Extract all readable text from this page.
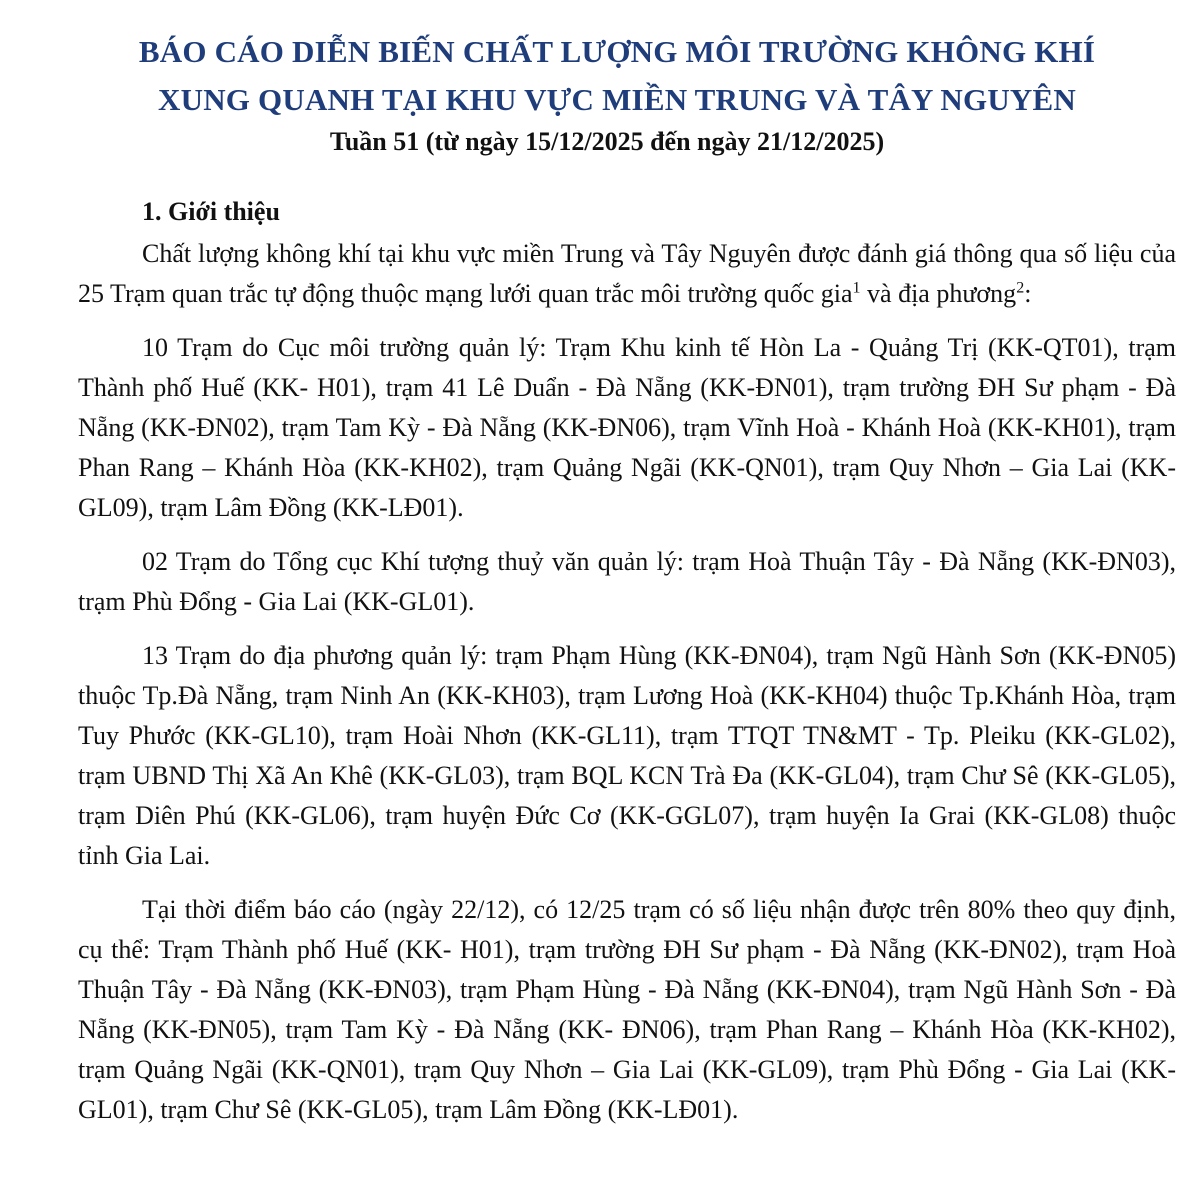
BÁO CÁO DIỄN BIẾN CHẤT LƯỢNG MÔI TRƯỜNG KHÔNG KHÍ
XUNG QUANH TẠI KHU VỰC MIỀN TRUNG VÀ TÂY NGUYÊN

Tuần 51 (từ ngày 15/12/2025 đến ngày 21/12/2025)

1. Giới thiệu

Chất lượng không khí tại khu vực miền Trung và Tây Nguyên được đánh giá thông qua số liệu của 25 Trạm quan trắc tự động thuộc mạng lưới quan trắc môi trường quốc gia$^1$ và địa phương$^2$:

10 Trạm do Cục môi trường quản lý: Trạm Khu kinh tế Hòn La - Quảng Trị (KK-QT01), trạm Thành phố Huế (KK- H01), trạm 41 Lê Duẩn - Đà Nẵng (KK-ĐN01), trạm trường ĐH Sư phạm - Đà Nẵng (KK-ĐN02), trạm Tam Kỳ - Đà Nẵng (KK-ĐN06), trạm Vĩnh Hoà - Khánh Hoà (KK-KH01), trạm Phan Rang – Khánh Hòa (KK-KH02), trạm Quảng Ngãi (KK-QN01), trạm Quy Nhơn – Gia Lai (KK-GL09), trạm Lâm Đồng (KK-LĐ01).

02 Trạm do Tổng cục Khí tượng thuỷ văn quản lý: trạm Hoà Thuận Tây - Đà Nẵng (KK-ĐN03), trạm Phù Đổng - Gia Lai (KK-GL01).

13 Trạm do địa phương quản lý: trạm Phạm Hùng (KK-ĐN04), trạm Ngũ Hành Sơn (KK-ĐN05) thuộc Tp.Đà Nẵng, trạm Ninh An (KK-KH03), trạm Lương Hoà (KK-KH04) thuộc Tp.Khánh Hòa, trạm Tuy Phước (KK-GL10), trạm Hoài Nhơn (KK-GL11), trạm TTQT TN&MT - Tp. Pleiku (KK-GL02), trạm UBND Thị Xã An Khê (KK-GL03), trạm BQL KCN Trà Đa (KK-GL04), trạm Chư Sê (KK-GL05), trạm Diên Phú (KK-GL06), trạm huyện Đức Cơ (KK-GGL07), trạm huyện Ia Grai (KK-GL08) thuộc tỉnh Gia Lai.

Tại thời điểm báo cáo (ngày 22/12), có 12/25 trạm có số liệu nhận được trên 80% theo quy định, cụ thể: Trạm Thành phố Huế (KK- H01), trạm trường ĐH Sư phạm - Đà Nẵng (KK-ĐN02), trạm Hoà Thuận Tây - Đà Nẵng (KK-ĐN03), trạm Phạm Hùng - Đà Nẵng (KK-ĐN04), trạm Ngũ Hành Sơn - Đà Nẵng (KK-ĐN05), trạm Tam Kỳ - Đà Nẵng (KK- ĐN06), trạm Phan Rang – Khánh Hòa (KK-KH02), trạm Quảng Ngãi (KK-QN01), trạm Quy Nhơn – Gia Lai (KK-GL09), trạm Phù Đổng - Gia Lai (KK-GL01), trạm Chư Sê (KK-GL05), trạm Lâm Đồng (KK-LĐ01).
